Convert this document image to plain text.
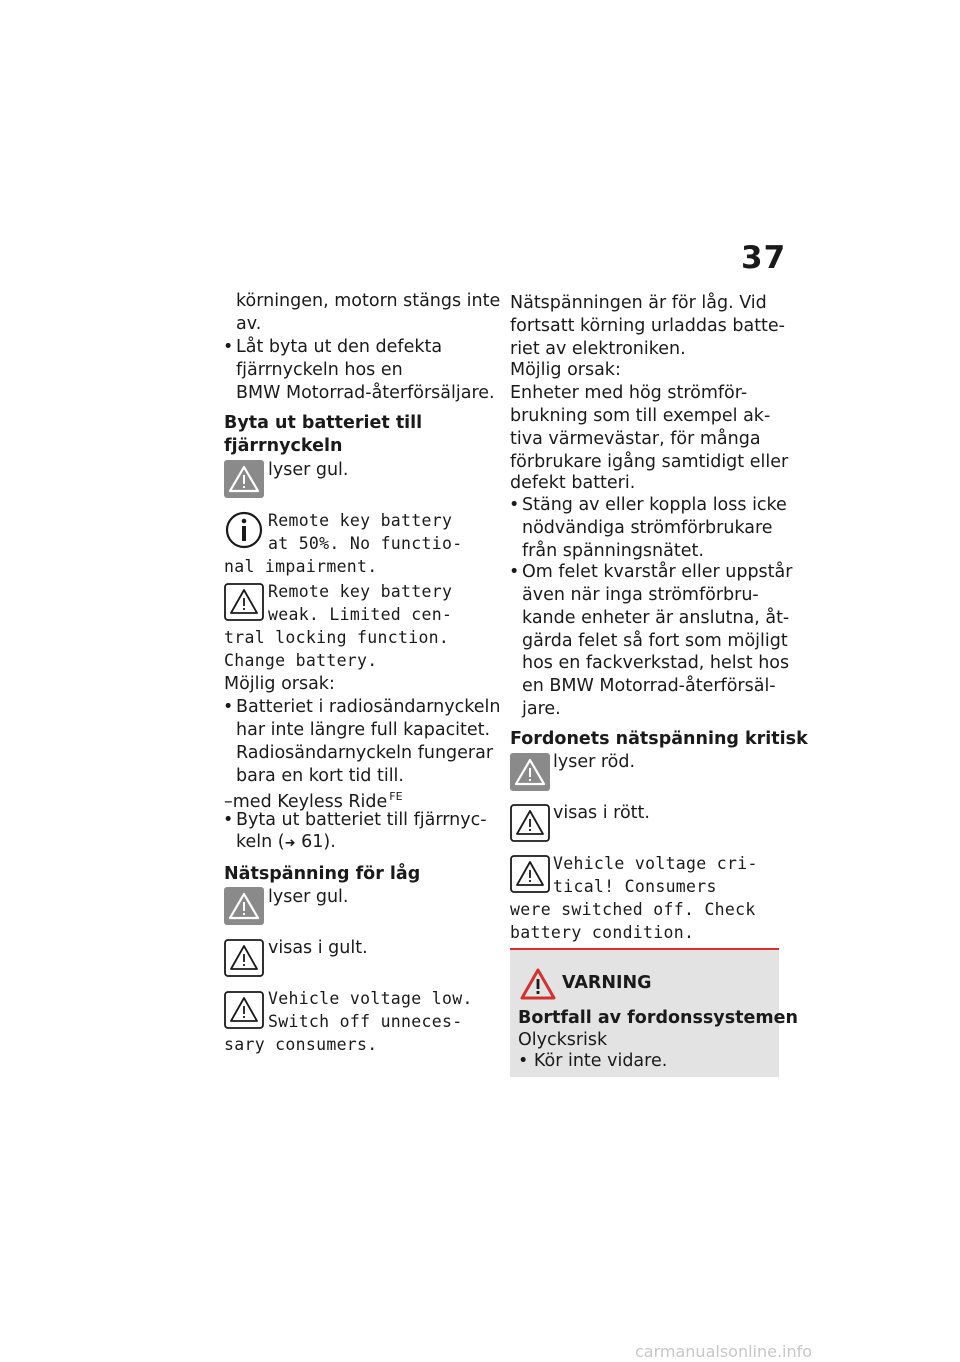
37
körningen, motorn stängs inte
av.
• Låt byta ut den defekta
fjärrnyckeln hos en
BMW Motorrad-återförsäljare.
Byta ut batteriet till
fjärrnyckeln
lyser gul.
Remote key battery
at 50%. No functio-
nal impairment.
Remote key battery
weak. Limited cen-
tral locking function.
Change battery.
Möjlig orsak:
• Batteriet i radiosändarnyckeln
har inte längre full kapacitet.
Radiosändarnyckeln fungerar
bara en kort tid till.
–med Keyless Ride $^{FE}$
• Byta ut batteriet till fjärrnyc-
keln (➜ 61).
Nätspänning för låg
lyser gul.
visas i gult.
Vehicle voltage low.
Switch off unneces-
sary consumers.
Nätspänningen är för låg. Vid
fortsatt körning urladdas batte-
riet av elektroniken.
Möjlig orsak:
Enheter med hög strömför-
brukning som till exempel ak-
tiva värmevästar, för många
förbrukare igång samtidigt eller
defekt batteri.
• Stäng av eller koppla loss icke
nödvändiga strömförbrukare
från spänningsnätet.
• Om felet kvarstår eller uppstår
även när inga strömförbru-
kande enheter är anslutna, åt-
gärda felet så fort som möjligt
hos en fackverkstad, helst hos
en BMW Motorrad-återförsäl-
jare.
Fordonets nätspänning kritisk
lyser röd.
visas i rött.
Vehicle voltage cri-
tical! Consumers
were switched off. Check
battery condition.
VARNING
Bortfall av fordonssystemen
Olycksrisk
• Kör inte vidare.
carmanualsonline.info
